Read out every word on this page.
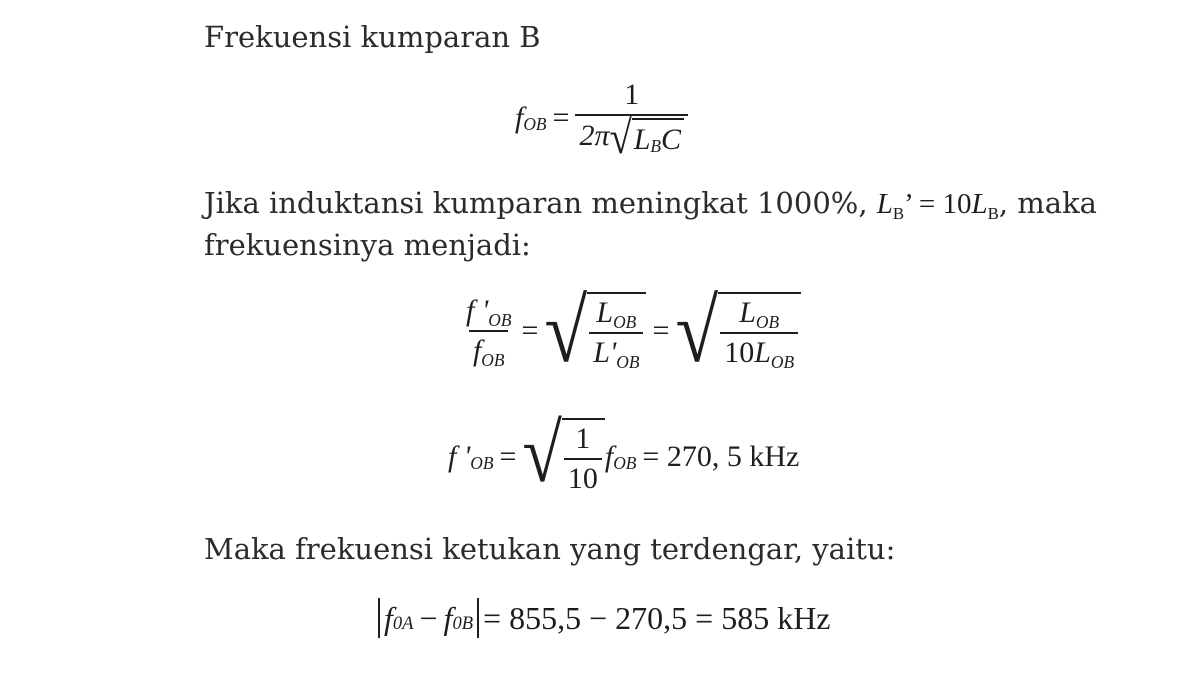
Frekuensi kumparan B
f OB = $\frac{1}{\text{2π √ L B C}}$
Jika induktansi kumparan meningkat 1000%, $L_B$’ = $10L_B$, maka
frekuensinya menjadi:
$\frac{f '_{OB}}{f_{OB}}$ = √ $\frac{L_{OB}}{L'_{OB}}$ = √ $\frac{L_{OB}}{10L_{OB}}$
f ' OB = √ $\frac{1}{10}$ f OB = 270, 5 kHz
Maka frekuensi ketukan yang terdengar, yaitu:
f 0A − f 0B = 855,5 − 270,5 = 585 kHz
